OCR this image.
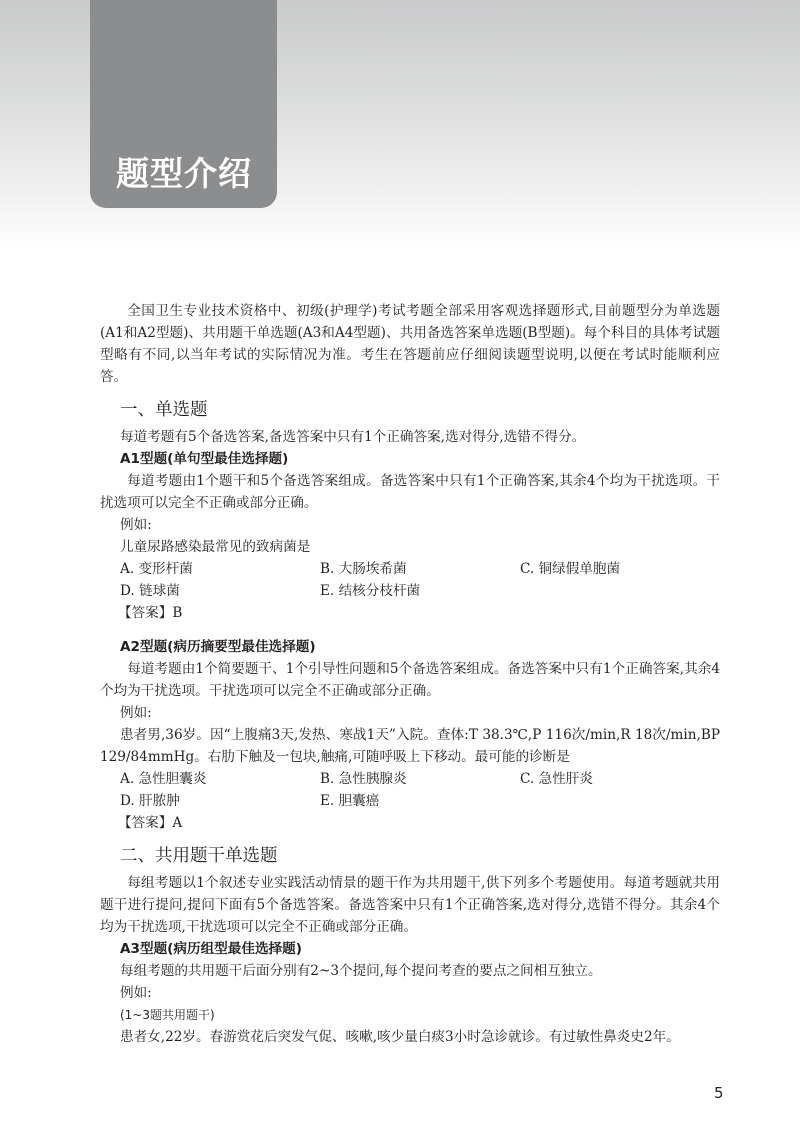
题型介绍

全国卫生专业技术资格中、初级(护理学)考试考题全部采用客观选择题形式,目前题型分为单选题(A1和A2型题)、共用题干单选题(A3和A4型题)、共用备选答案单选题(B型题)。每个科目的具体考试题型略有不同,以当年考试的实际情况为准。考生在答题前应仔细阅读题型说明,以便在考试时能顺利应答。

一、单选题
每道考题有5个备选答案,备选答案中只有1个正确答案,选对得分,选错不得分。
A1型题(单句型最佳选择题)

每道考题由1个题干和5个备选答案组成。备选答案中只有1个正确答案,其余4个均为干扰选项。干扰选项可以完全不正确或部分正确。

例如:
儿童尿路感染最常见的致病菌是
A. 变形杆菌	B. 大肠埃希菌	C. 铜绿假单胞菌
D. 链球菌	E. 结核分枝杆菌
【答案】B
A2型题(病历摘要型最佳选择题)

每道考题由1个简要题干、1个引导性问题和5个备选答案组成。备选答案中只有1个正确答案,其余4个均为干扰选项。干扰选项可以完全不正确或部分正确。

例如:

患者男,36岁。因“上腹痛3天,发热、寒战1天”入院。查体:T 38.3℃,P 116次/min,R 18次/min,BP 129/84mmHg。右肋下触及一包块,触痛,可随呼吸上下移动。最可能的诊断是

A. 急性胆囊炎	B. 急性胰腺炎	C. 急性肝炎
D. 肝脓肿	E. 胆囊癌
【答案】A
二、共用题干单选题

每组考题以1个叙述专业实践活动情景的题干作为共用题干,供下列多个考题使用。每道考题就共用题干进行提问,提问下面有5个备选答案。备选答案中只有1个正确答案,选对得分,选错不得分。其余4个均为干扰选项,干扰选项可以完全不正确或部分正确。

A3型题(病历组型最佳选择题)
每组考题的共用题干后面分别有2~3个提问,每个提问考查的要点之间相互独立。
例如:
(1~3题共用题干)
患者女,22岁。春游赏花后突发气促、咳嗽,咳少量白痰3小时急诊就诊。有过敏性鼻炎史2年。
5
